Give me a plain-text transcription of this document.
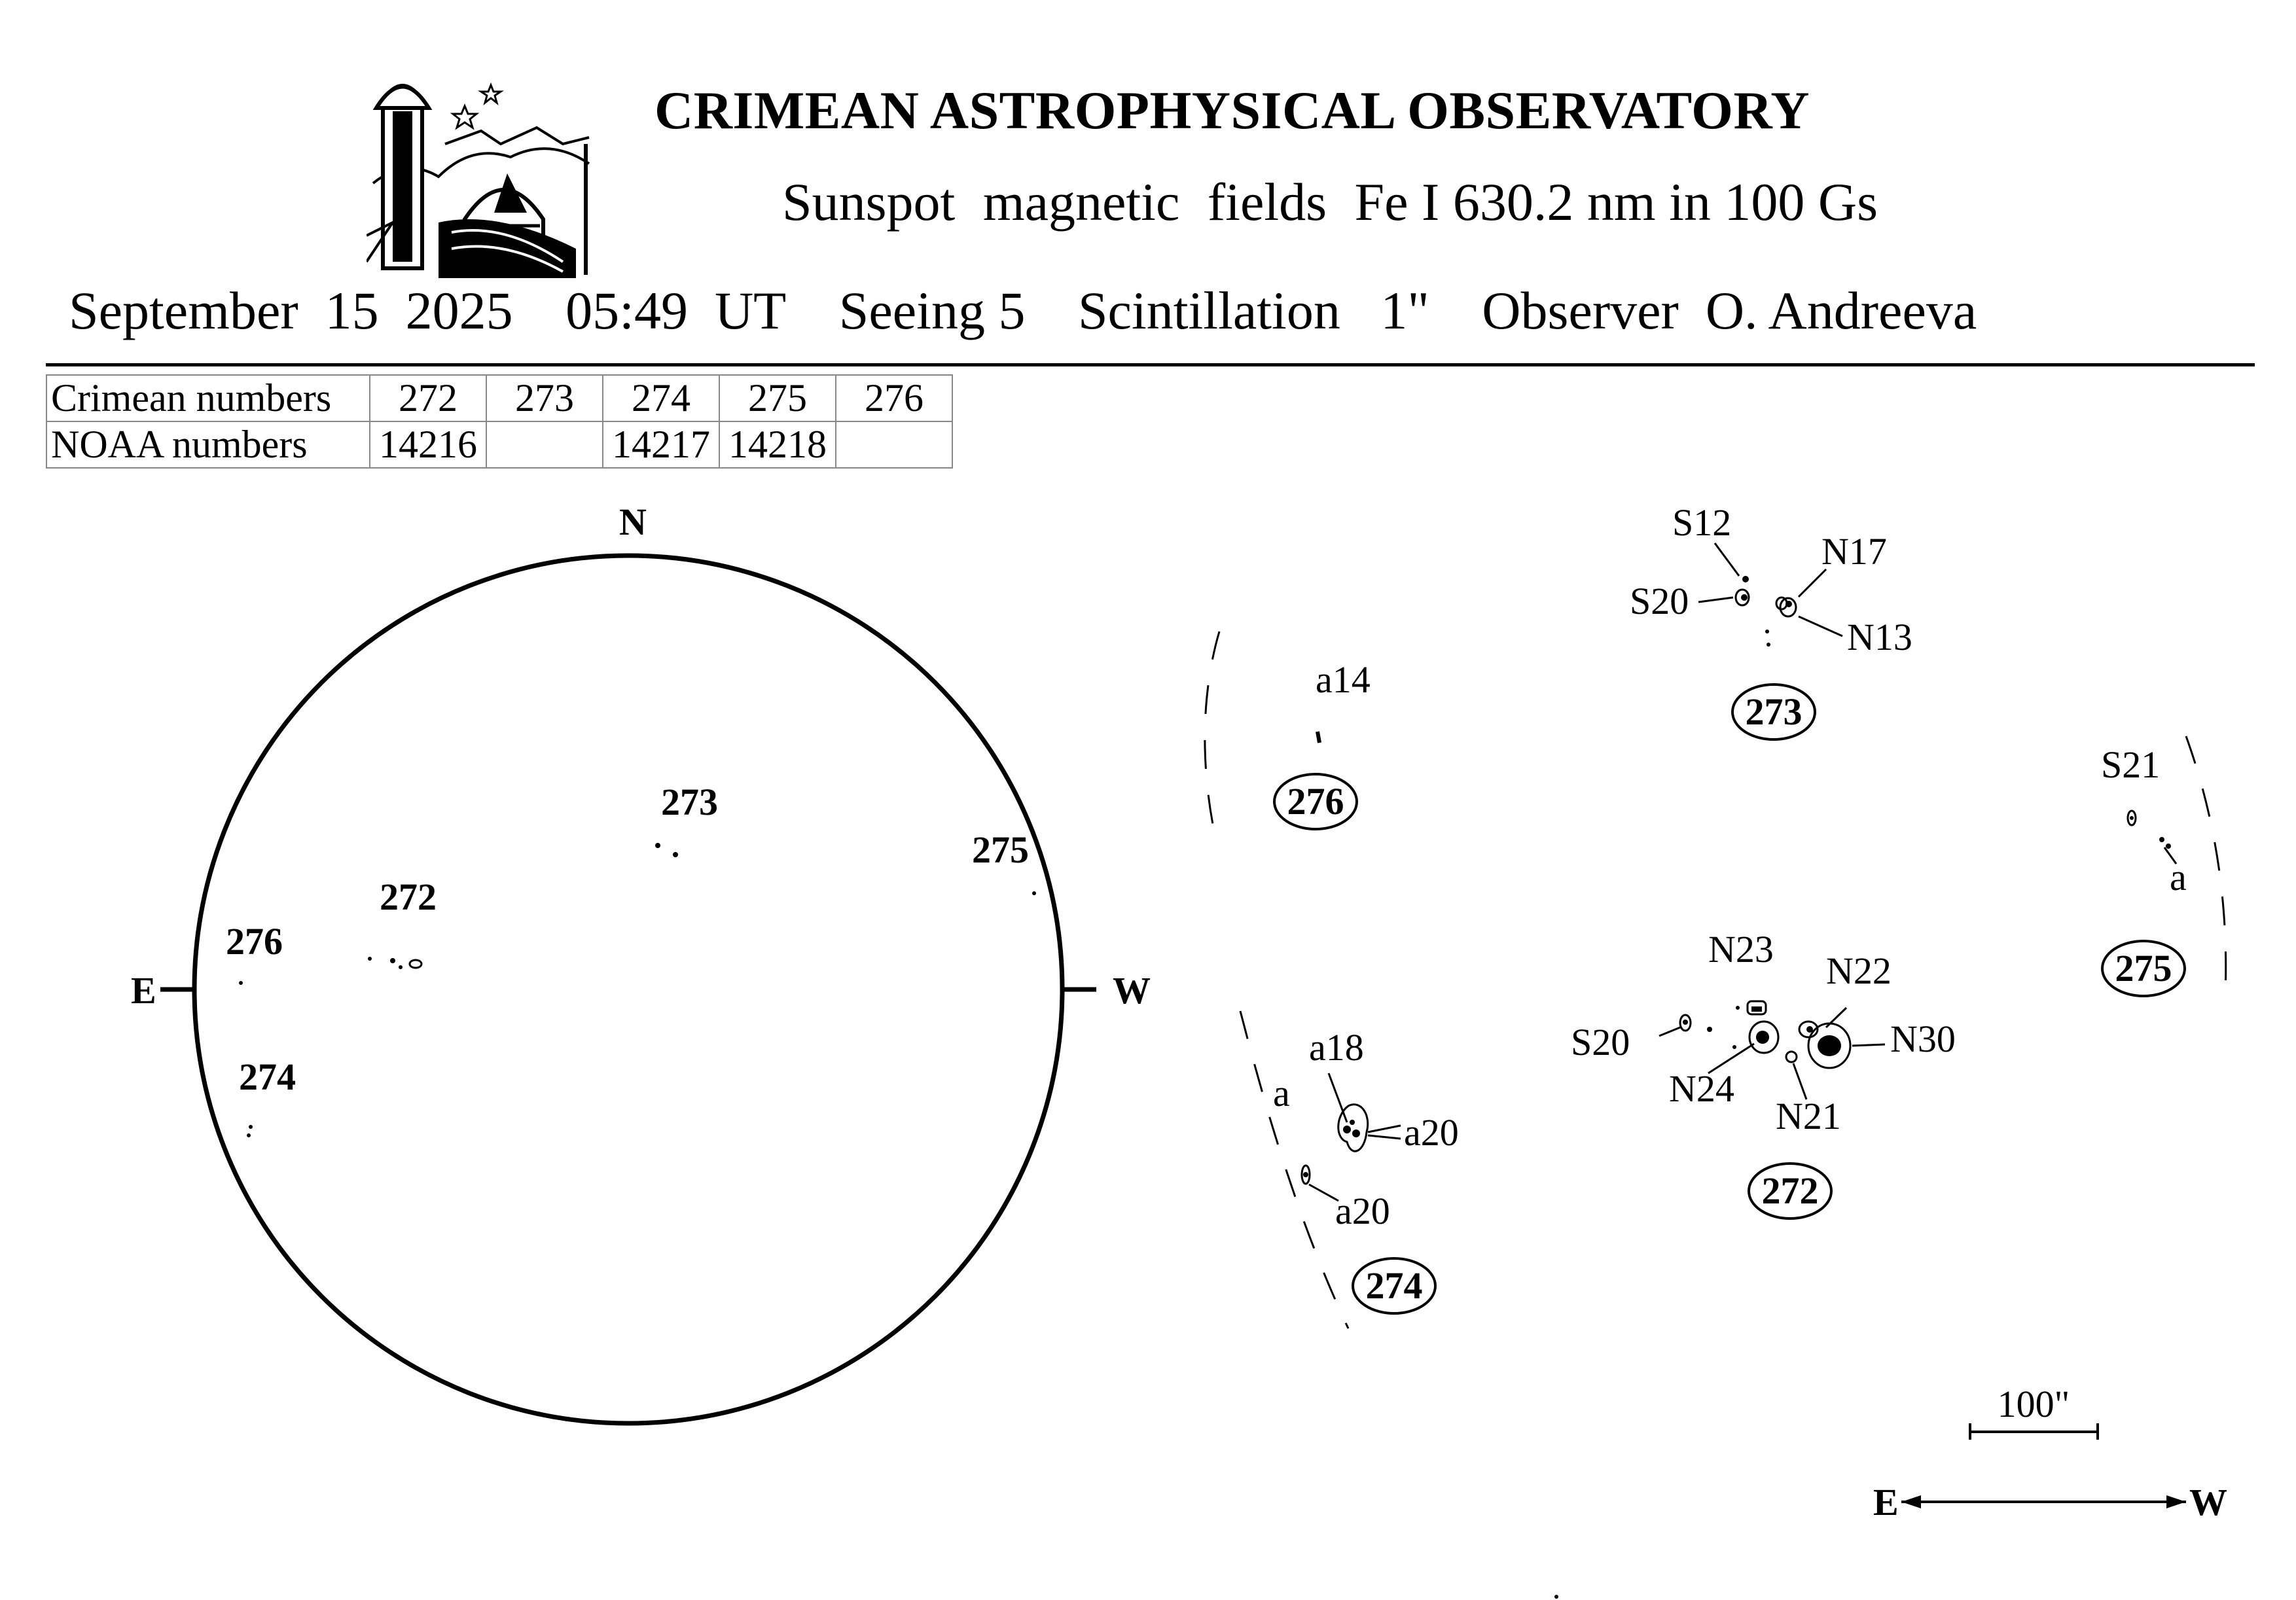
CRIMEAN ASTROPHYSICAL OBSERVATORY
Sunspot magnetic fields Fe I 630.2 nm in 100 Gs
September  15  2025 05:49  UT Seeing 5 Scintillation   1" Observer  O. Andreeva
Crimean numbers	272	273	274	275	276
NOAA numbers	14216		14217	14218	
N
E	W
273
275
272
276
274
S12
N17
S20
N13
273
a14
276
S21
a
275
N23
N22
S20	N30
N24
N21
272
a18
a
a20
a20
274
100"
E	W
